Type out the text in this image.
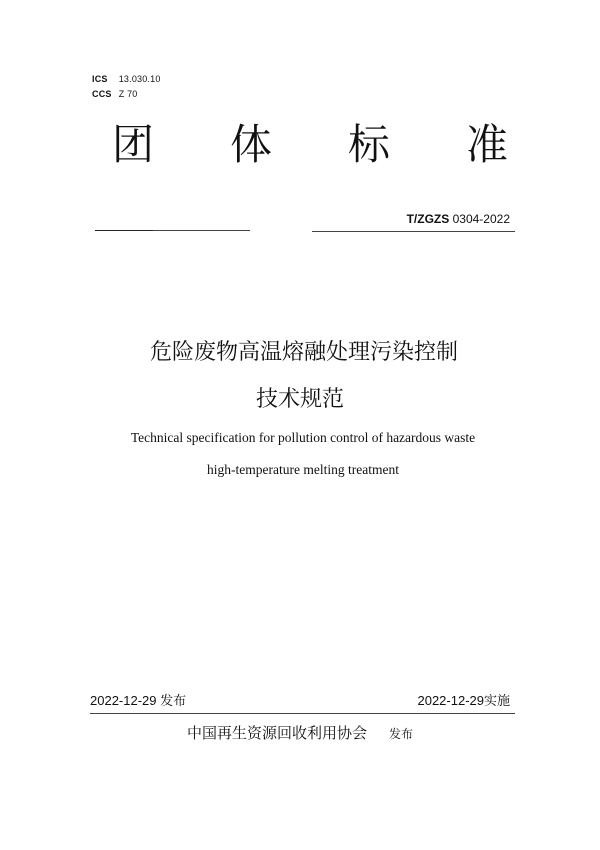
ICS 13.030.10
CCS Z 70
团 体 标 准
T/ZGZS 0304-2022
危险废物高温熔融处理污染控制
技术规范
Technical specification for pollution control of hazardous waste
high-temperature melting treatment
2022-12-29 发布	2022-12-29实施
中国再生资源回收利用协会 发布
